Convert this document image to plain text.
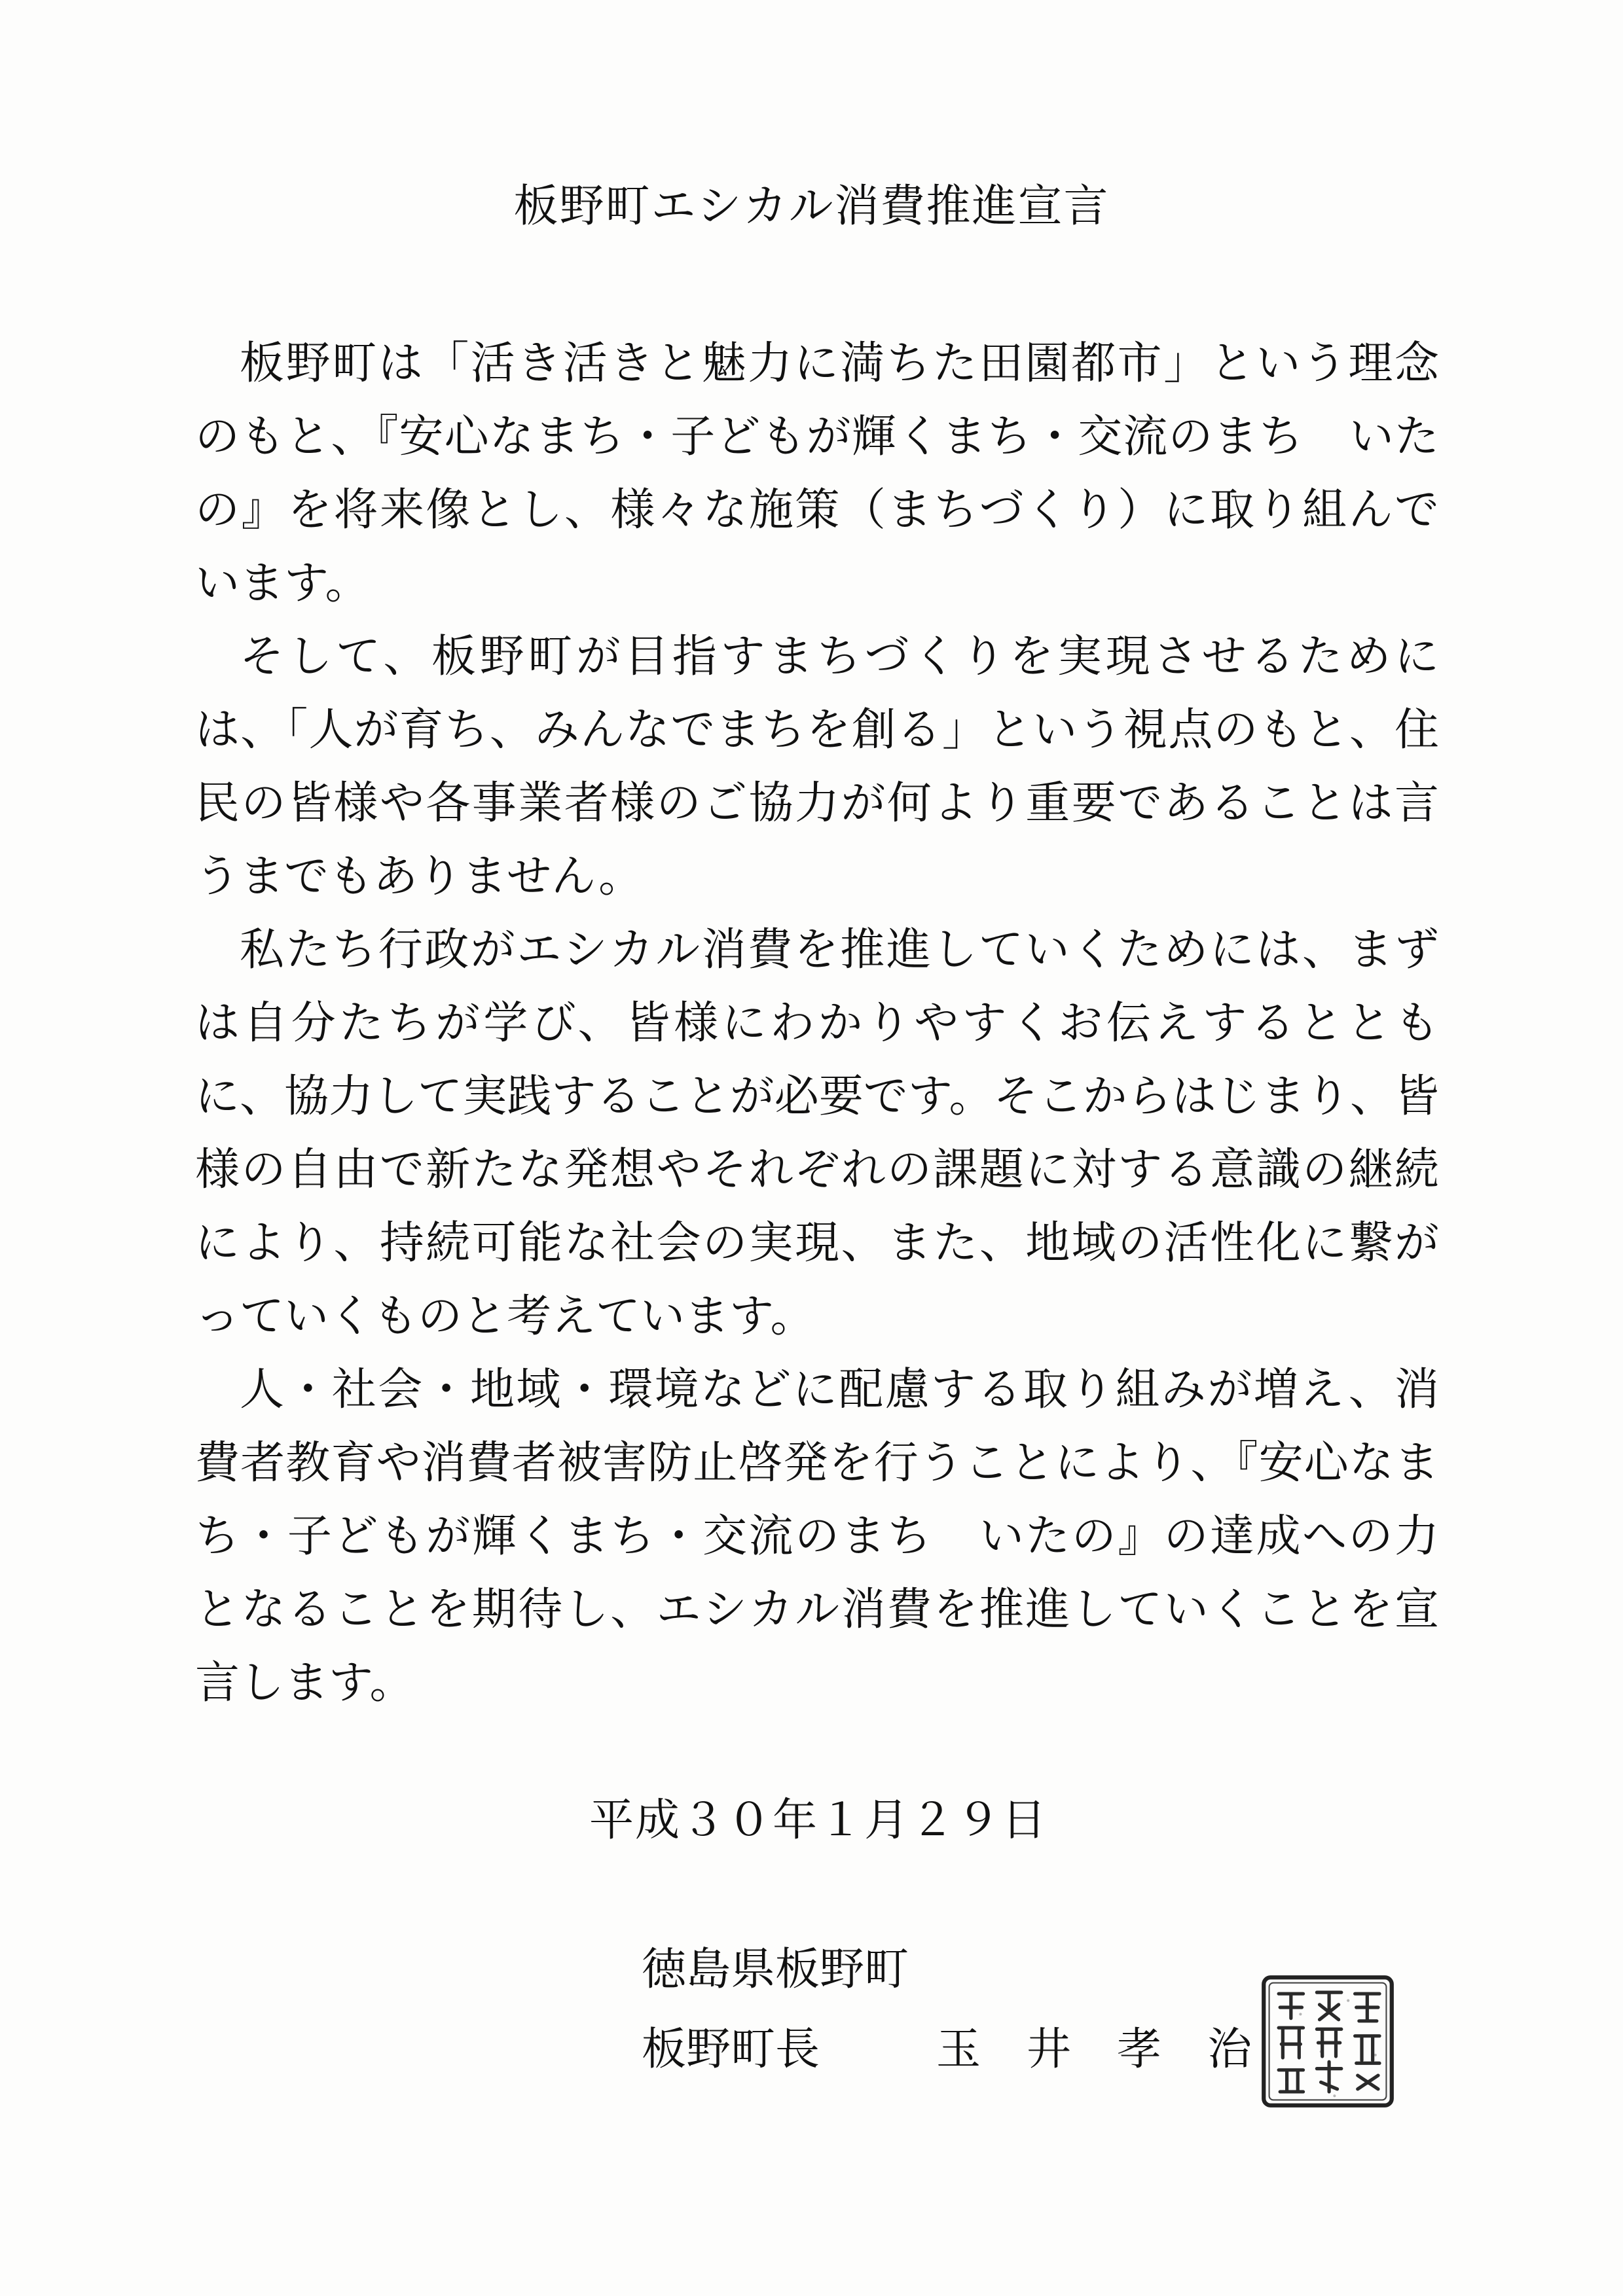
板野町エシカル消費推進宣言

板野町は「活き活きと魅力に満ちた田園都市」という理念のもと、『安心なまち・子どもが輝くまち・交流のまち　いたの』を将来像とし、様々な施策（まちづくり）に取り組んでいます。

そして、板野町が目指すまちづくりを実現させるためには、「人が育ち、みんなでまちを創る」という視点のもと、住民の皆様や各事業者様のご協力が何より重要であることは言うまでもありません。

私たち行政がエシカル消費を推進していくためには、まずは自分たちが学び、皆様にわかりやすくお伝えするとともに、協力して実践することが必要です。そこからはじまり、皆様の自由で新たな発想やそれぞれの課題に対する意識の継続により、持続可能な社会の実現、また、地域の活性化に繋がっていくものと考えています。

人・社会・地域・環境などに配慮する取り組みが増え、消費者教育や消費者被害防止啓発を行うことにより、『安心なまち・子どもが輝くまち・交流のまち　いたの』の達成への力となることを期待し、エシカル消費を推進していくことを宣言します。

平成３０年１月２９日
徳島県板野町
板野町長	玉井孝治
